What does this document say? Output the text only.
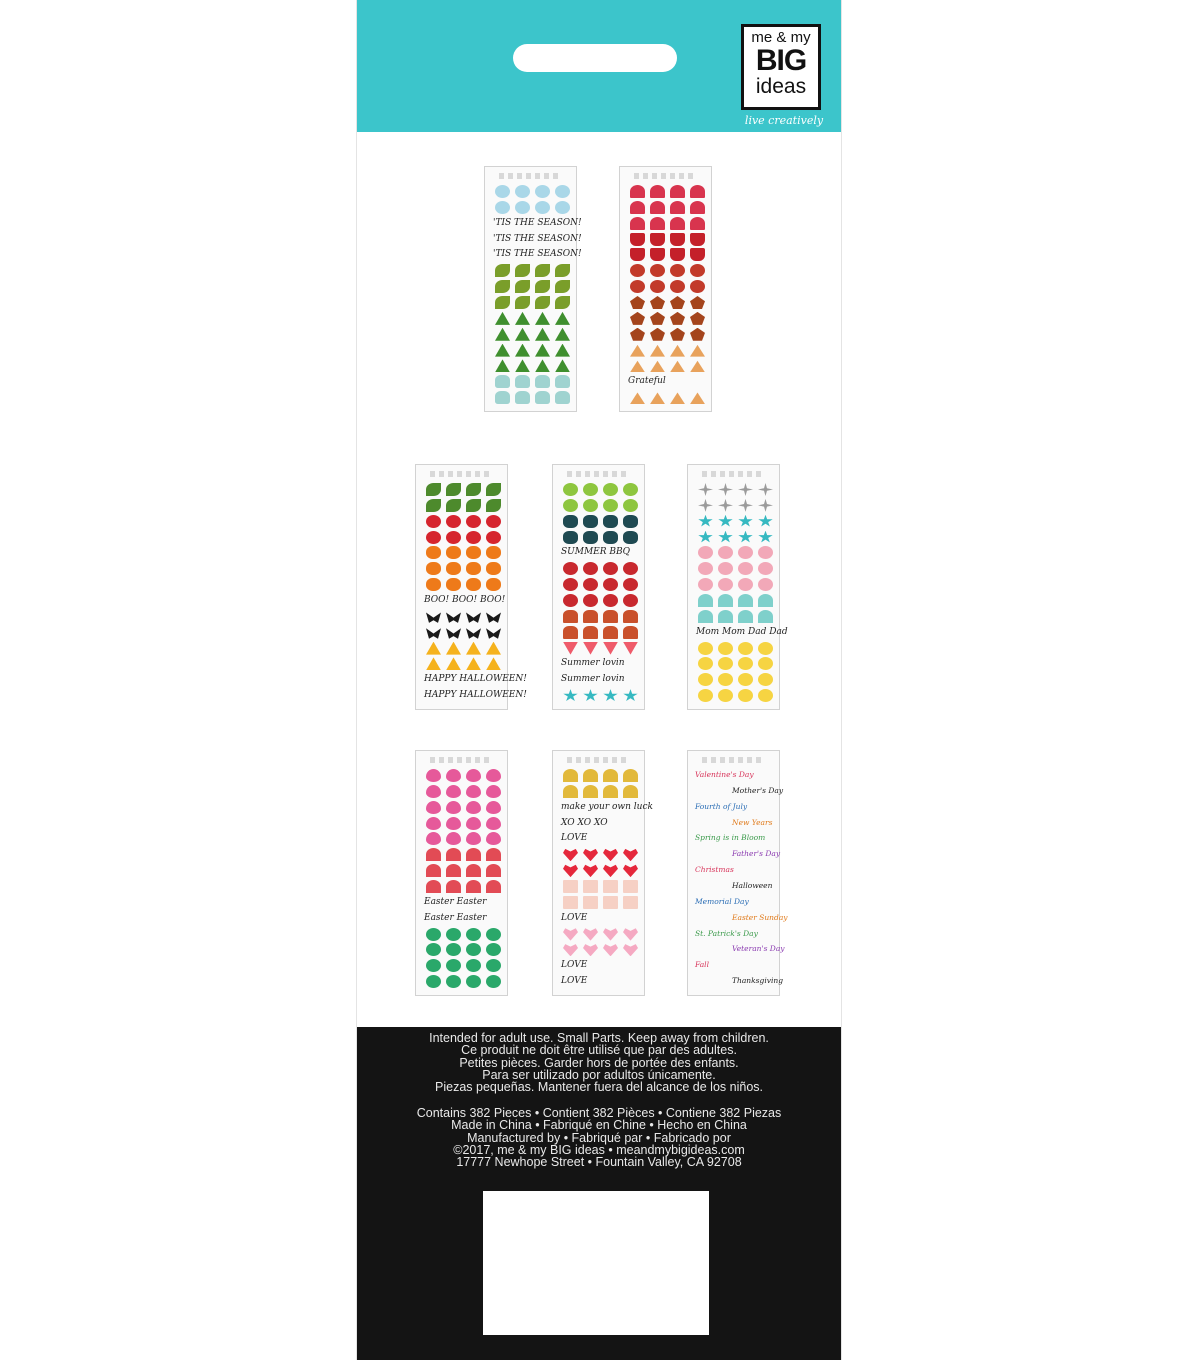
me & my
BIG
ideas
live creatively
'TIS THE SEASON!
'TIS THE SEASON!
'TIS THE SEASON!
Grateful
BOO! BOO! BOO!
HAPPY HALLOWEEN!
HAPPY HALLOWEEN!
SUMMER BBQ
Summer lovin
Summer lovin
Mom Mom Dad Dad
Easter Easter
Easter Easter
make your own luck
XO XO XO
LOVE
LOVE
LOVE
LOVE
Valentine's Day
Mother's Day
Fourth of July
New Years
Spring is in Bloom
Father's Day
Christmas
Halloween
Memorial Day
Easter Sunday
St. Patrick's Day
Veteran's Day
Fall
Thanksgiving

Intended for adult use. Small Parts. Keep away from children.

Ce produit ne doit être utilisé que par des adultes.

Petites pièces. Garder hors de portée des enfants.

Para ser utilizado por adultos únicamente.

Piezas pequeñas. Mantener fuera del alcance de los niños.

Contains 382 Pieces • Contient 382 Pièces • Contiene 382 Piezas

Made in China • Fabriqué en Chine • Hecho en China

Manufactured by • Fabriqué par • Fabricado por

©2017, me & my BIG ideas • meandmybigideas.com

17777 Newhope Street • Fountain Valley, CA 92708
